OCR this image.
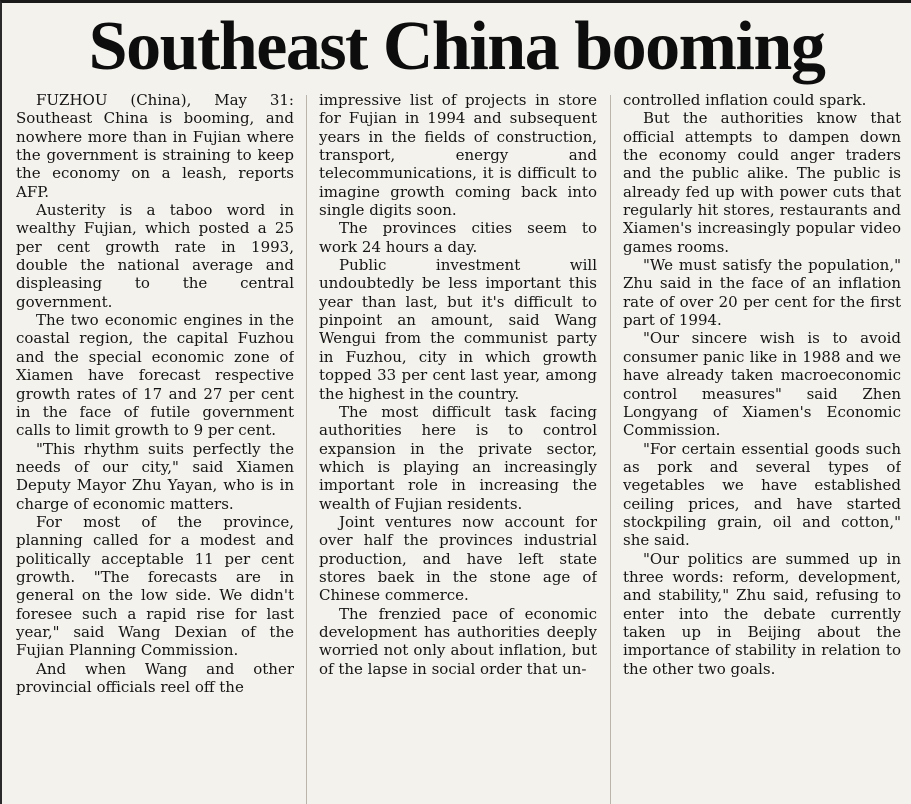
Southeast China booming

FUZHOU (China), May 31: Southeast China is booming, and nowhere more than in Fujian where the government is straining to keep the economy on a leash, reports AFP.

Austerity is a taboo word in wealthy Fujian, which posted a 25 per cent growth rate in 1993, double the national average and displeasing to the central government.

The two economic engines in the coastal region, the capital Fuzhou and the special economic zone of Xiamen have forecast respective growth rates of 17 and 27 per cent in the face of futile government calls to limit growth to 9 per cent.

"This rhythm suits perfectly the needs of our city," said Xiamen Deputy Mayor Zhu Yayan, who is in charge of economic matters.

For most of the province, planning called for a modest and politically acceptable 11 per cent growth. "The forecasts are in general on the low side. We didn't foresee such a rapid rise for last year," said Wang Dexian of the Fujian Planning Commission.

And when Wang and other provincial officials reel off the

impressive list of projects in store for Fujian in 1994 and subsequent years in the fields of construction, transport, energy and telecommunications, it is difficult to imagine growth coming back into single digits soon.

The provinces cities seem to work 24 hours a day.

Public investment will undoubtedly be less important this year than last, but it's difficult to pinpoint an amount, said Wang Wengui from the communist party in Fuzhou, city in which growth topped 33 per cent last year, among the highest in the country.

The most difficult task facing authorities here is to control expansion in the private sector, which is playing an increasingly important role in increasing the wealth of Fujian residents.

Joint ventures now account for over half the provinces industrial production, and have left state stores baek in the stone age of Chinese commerce.

The frenzied pace of economic development has authorities deeply worried not only about inflation, but of the lapse in social order that un-

controlled inflation could spark.

But the authorities know that official attempts to dampen down the economy could anger traders and the public alike. The public is already fed up with power cuts that regularly hit stores, restaurants and Xiamen's increasingly popular video games rooms.

"We must satisfy the population," Zhu said in the face of an inflation rate of over 20 per cent for the first part of 1994.

"Our sincere wish is to avoid consumer panic like in 1988 and we have already taken macroeconomic control measures" said Zhen Longyang of Xiamen's Economic Commission.

"For certain essential goods such as pork and several types of vegetables we have established ceiling prices, and have started stockpiling grain, oil and cotton," she said.

"Our politics are summed up in three words: reform, development, and stability," Zhu said, refusing to enter into the debate currently taken up in Beijing about the importance of stability in relation to the other two goals.
